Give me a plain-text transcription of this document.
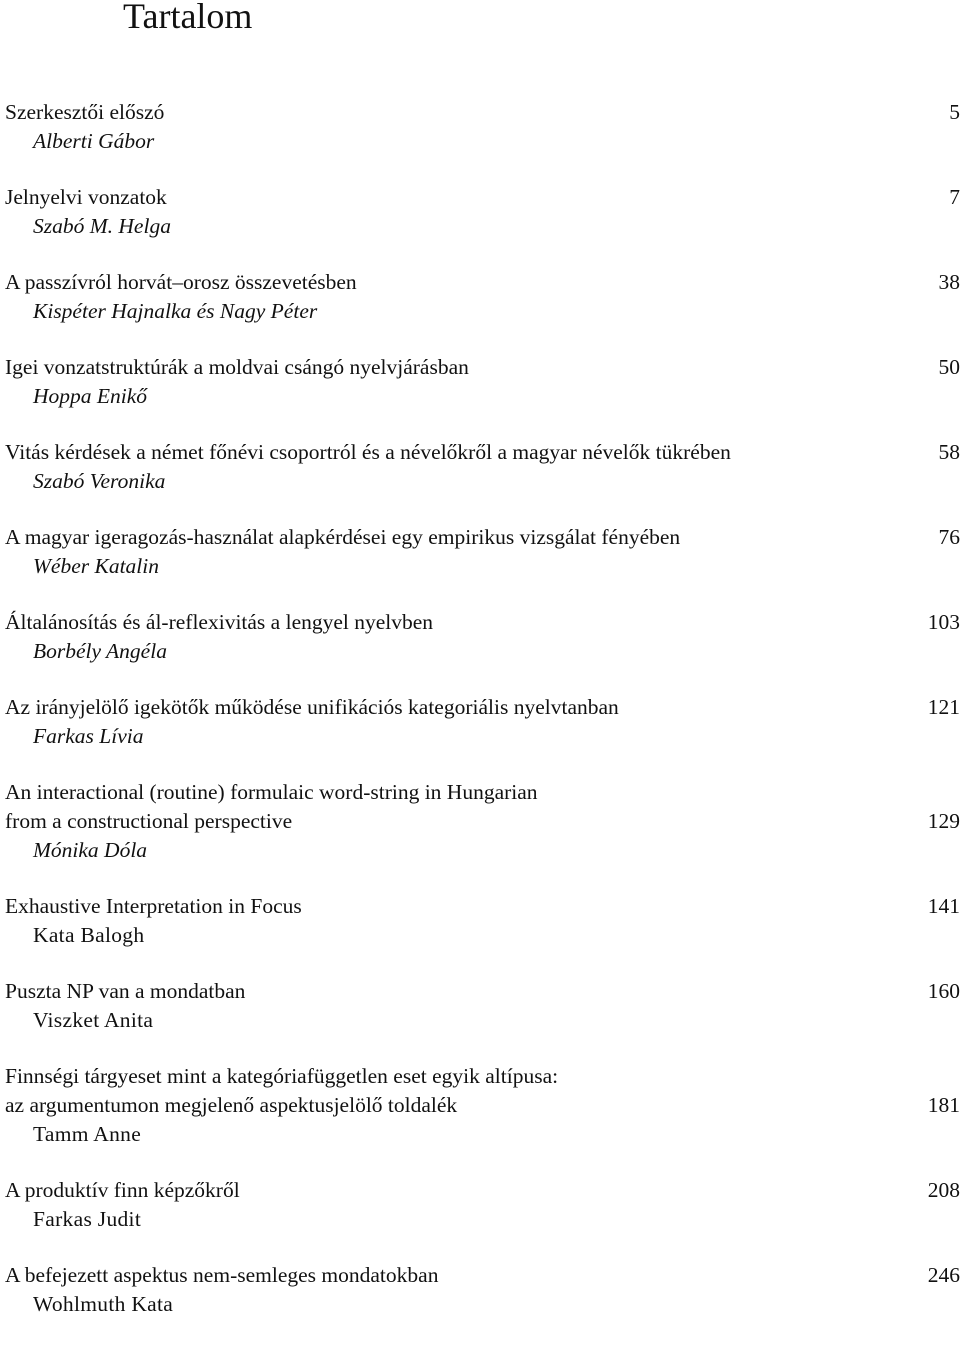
Tartalom
Szerkesztői előszó	5
Alberti Gábor
Jelnyelvi vonzatok	7
Szabó M. Helga
A passzívról horvát–orosz összevetésben	38
Kispéter Hajnalka és Nagy Péter
Igei vonzatstruktúrák a moldvai csángó nyelvjárásban	50
Hoppa Enikő
Vitás kérdések a német főnévi csoportról és a névelőkről a magyar névelők tükrében	58
Szabó Veronika
A magyar igeragozás-használat alapkérdései egy empirikus vizsgálat fényében	76
Wéber Katalin
Általánosítás és ál-reflexivitás a lengyel nyelvben	103
Borbély Angéla
Az irányjelölő igekötők működése unifikációs kategoriális nyelvtanban	121
Farkas Lívia
An interactional (routine) formulaic word-string in Hungarian
from a constructional perspective	129
Mónika Dóla
Exhaustive Interpretation in Focus	141
Kata Balogh
Puszta NP van a mondatban	160
Viszket Anita
Finnségi tárgyeset mint a kategóriafüggetlen eset egyik altípusa:
az argumentumon megjelenő aspektusjelölő toldalék	181
Tamm Anne
A produktív finn képzőkről	208
Farkas Judit
A befejezett aspektus nem-semleges mondatokban	246
Wohlmuth Kata
